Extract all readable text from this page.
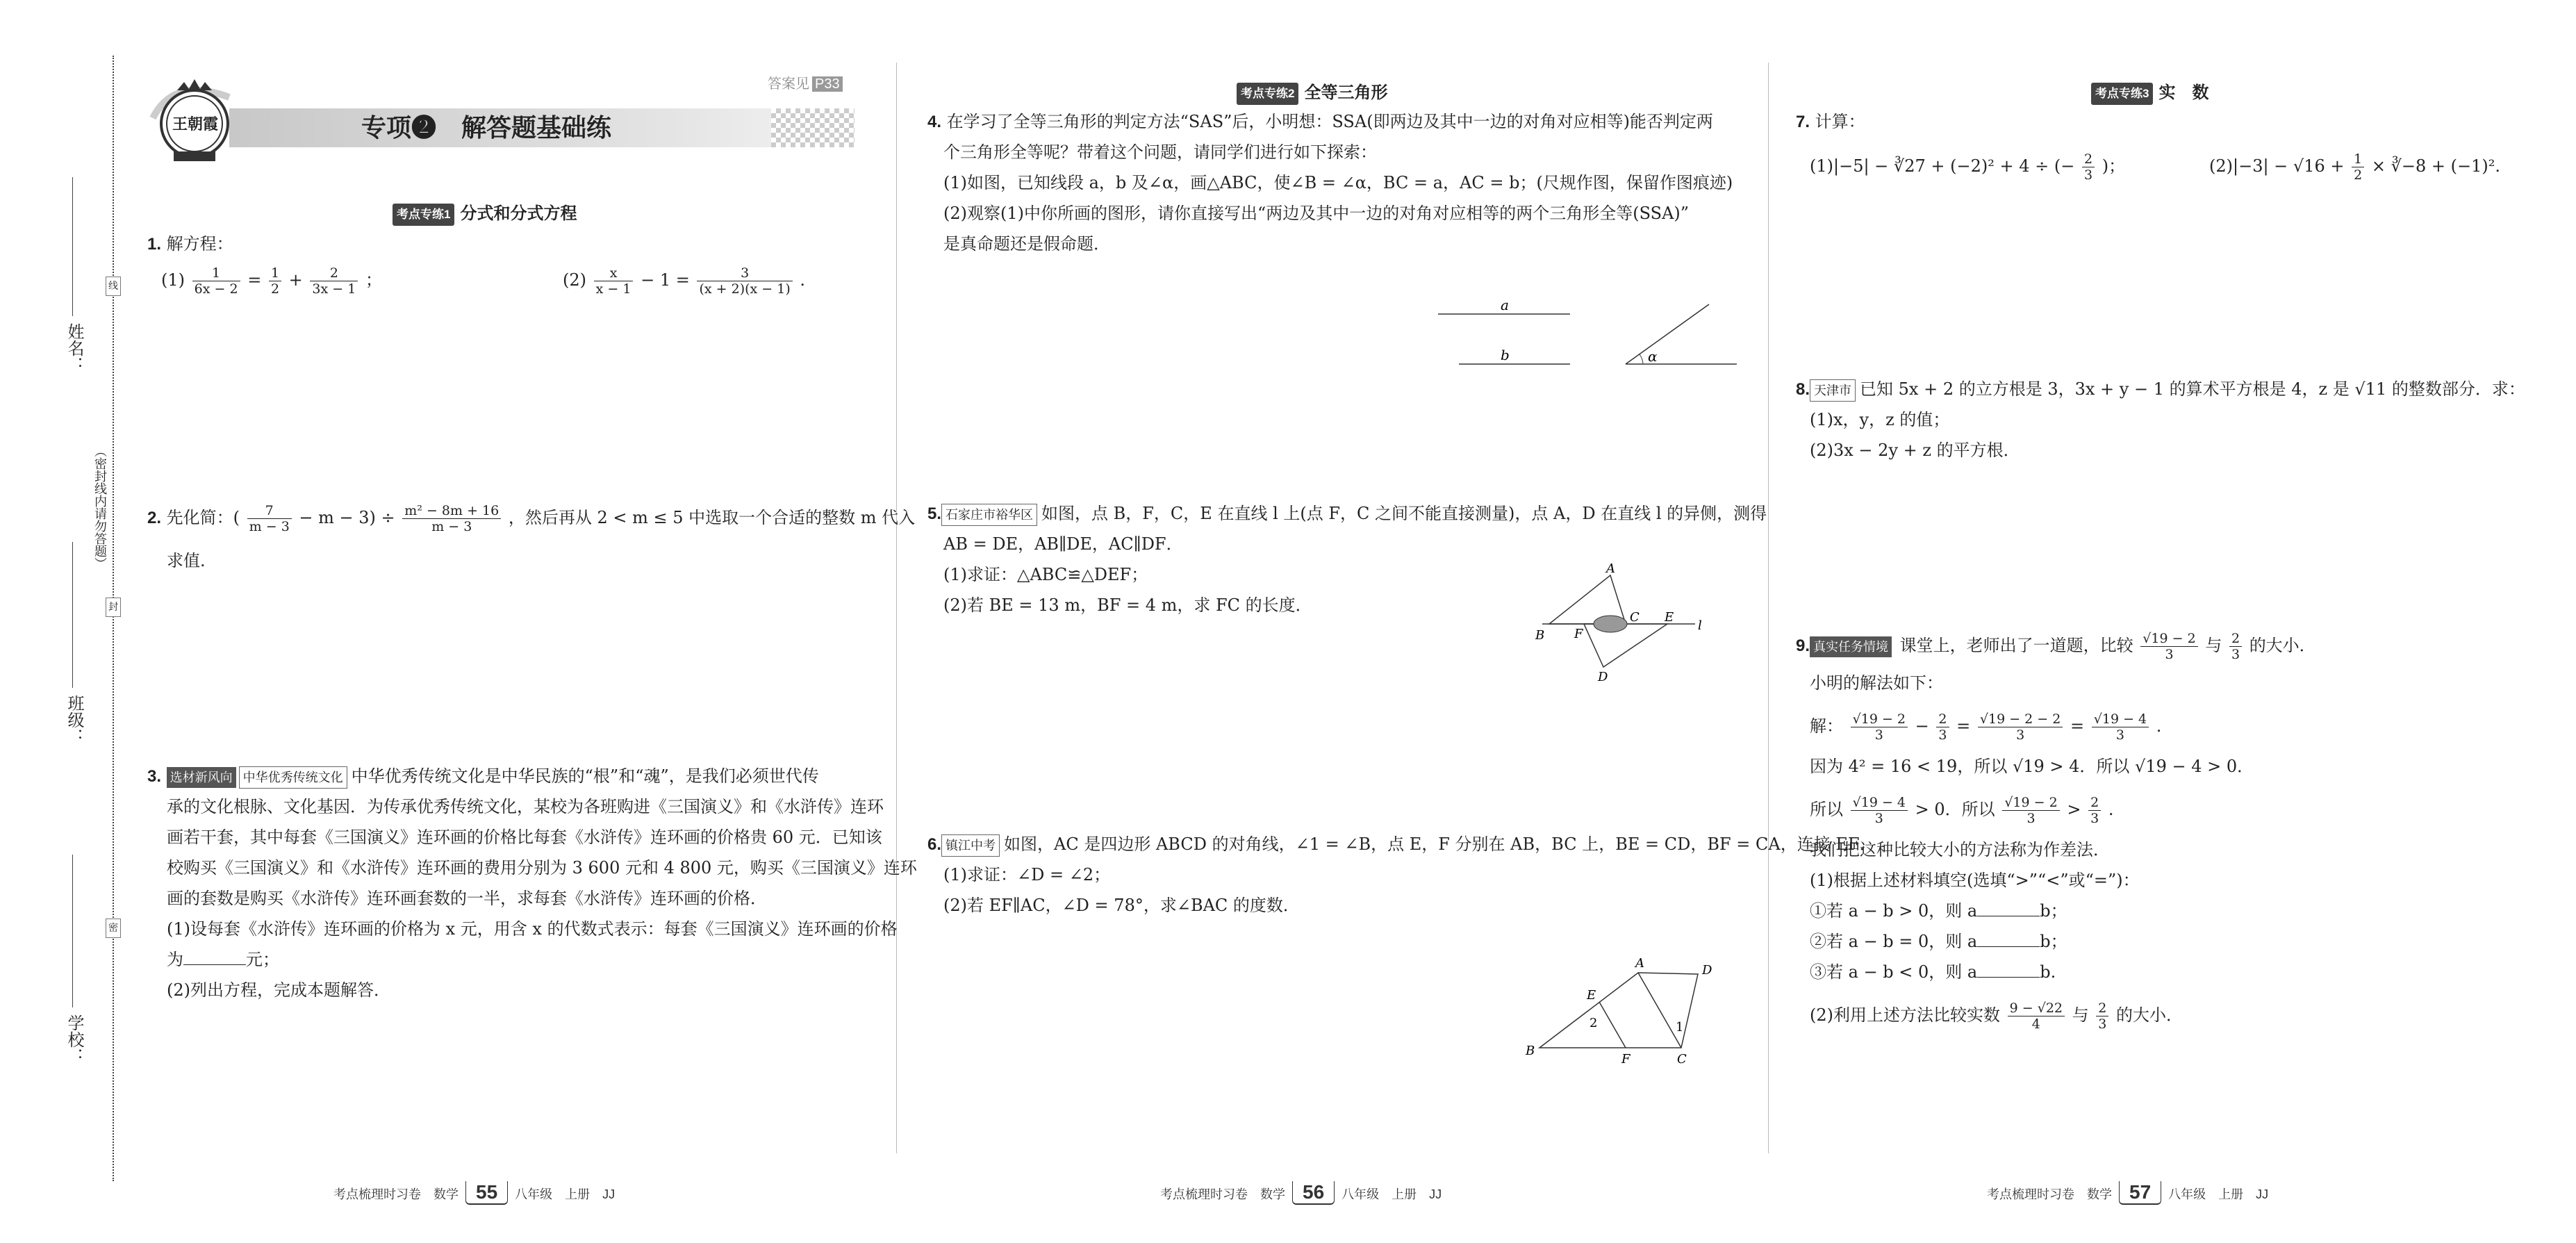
姓名：
班级：
学校：
（密封线内请勿答题）
线
封
密
王朝霞	专项❷　解答题基础练
答案见 P33
考点专练1 分式和分式方程
1. 解方程：
$(1) \frac{1}{6x - 2} = \frac{1}{2} + \frac{2}{3x - 1}$ ；	$(2) \frac{x}{x - 1} - 1 = \frac{3}{(x + 2)(x - 1)}$ .
2. 先化简：( $\frac{7}{m - 3} - m - 3) \div \frac{\text{m² − 8m + 16}}{m - 3}$ ，然后再从 2 < m ≤ 5 中选取一个合适的整数 m 代入
求值.
3. 选材新风向 中华优秀传统文化 中华优秀传统文化是中华民族的“根”和“魂”，是我们必须世代传
承的文化根脉、文化基因．为传承优秀传统文化，某校为各班购进《三国演义》和《水浒传》连环
画若干套，其中每套《三国演义》连环画的价格比每套《水浒传》连环画的价格贵 60 元．已知该
校购买《三国演义》和《水浒传》连环画的费用分别为 3 600 元和 4 800 元，购买《三国演义》连环
画的套数是购买《水浒传》连环画套数的一半，求每套《水浒传》连环画的价格．
(1)设每套《水浒传》连环画的价格为 x 元，用含 x 的代数式表示：每套《三国演义》连环画的价格
为	元；
(2)列出方程，完成本题解答．
考点梳理时习卷　数学 55 八年级　上册　JJ
考点专练2 全等三角形
4. 在学习了全等三角形的判定方法“SAS”后，小明想：SSA(即两边及其中一边的对角对应相等)能否判定两
个三角形全等呢？带着这个问题，请同学们进行如下探索：
(1)如图，已知线段 a，b 及∠α，画△ABC，使∠B = ∠α，BC = a，AC = b；(尺规作图，保留作图痕迹)
(2)观察(1)中你所画的图形，请你直接写出“两边及其中一边的对角对应相等的两个三角形全等(SSA)”
是真命题还是假命题．
a
b	α
5. 石家庄市裕华区 如图，点 B，F，C，E 在直线 l 上(点 F，C 之间不能直接测量)，点 A，D 在直线 l 的异侧，测得
AB = DE，AB∥DE，AC∥DF．
(1)求证：△ABC≌△DEF；
(2)若 BE = 13 m，BF = 4 m，求 FC 的长度．
A
B F
C E
l
D
6. 镇江中考 如图，AC 是四边形 ABCD 的对角线，∠1 = ∠B，点 E，F 分别在 AB，BC 上，BE = CD，BF = CA，连接 EF．
(1)求证：∠D = ∠2；
(2)若 EF∥AC，∠D = 78°，求∠BAC 的度数．
A	D
E
2	1
B
F	C
考点梳理时习卷　数学 56 八年级　上册　JJ
考点专练3 实　数
7. 计算：
(1)|−5| − ∛27 + (−2)² + 4 ÷ (− $\frac{2}{3}$ )；	$(2)|-3| - √16 + \frac{1}{2}$ × ∛−8 + (−1)².
8. 天津市 已知 5x + 2 的立方根是 3，3x + y − 1 的算术平方根是 4，z 是 √11 的整数部分．求：
(1)x，y，z 的值；
(2)3x − 2y + z 的平方根．
9. 真实任务情境 课堂上，老师出了一道题，比较 $\frac{√19 - 2}{3}$ 与 $\frac{2}{3}$ 的大小．
小明的解法如下：
解： $\frac{√19 - 2}{3} - \frac{2}{3} = \frac{√19 - 2 - 2}{3} = \frac{√19 - 4}{3}$ .
因为 4² = 16 < 19，所以 √19 > 4．所以 √19 − 4 > 0．
所以 $\frac{√19 - 4}{3} > 0$．所以 $\frac{√19 - 2}{3} > \frac{2}{3}$ .
我们把这种比较大小的方法称为作差法．
(1)根据上述材料填空(选填“>”“<”或“=”)：
①若 a − b > 0，则 a	b；
②若 a − b = 0，则 a	b；
③若 a − b < 0，则 a	b.
(2)利用上述方法比较实数 $\frac{9 - √22}{4}$ 与 $\frac{2}{3}$ 的大小．
考点梳理时习卷　数学 57 八年级　上册　JJ
